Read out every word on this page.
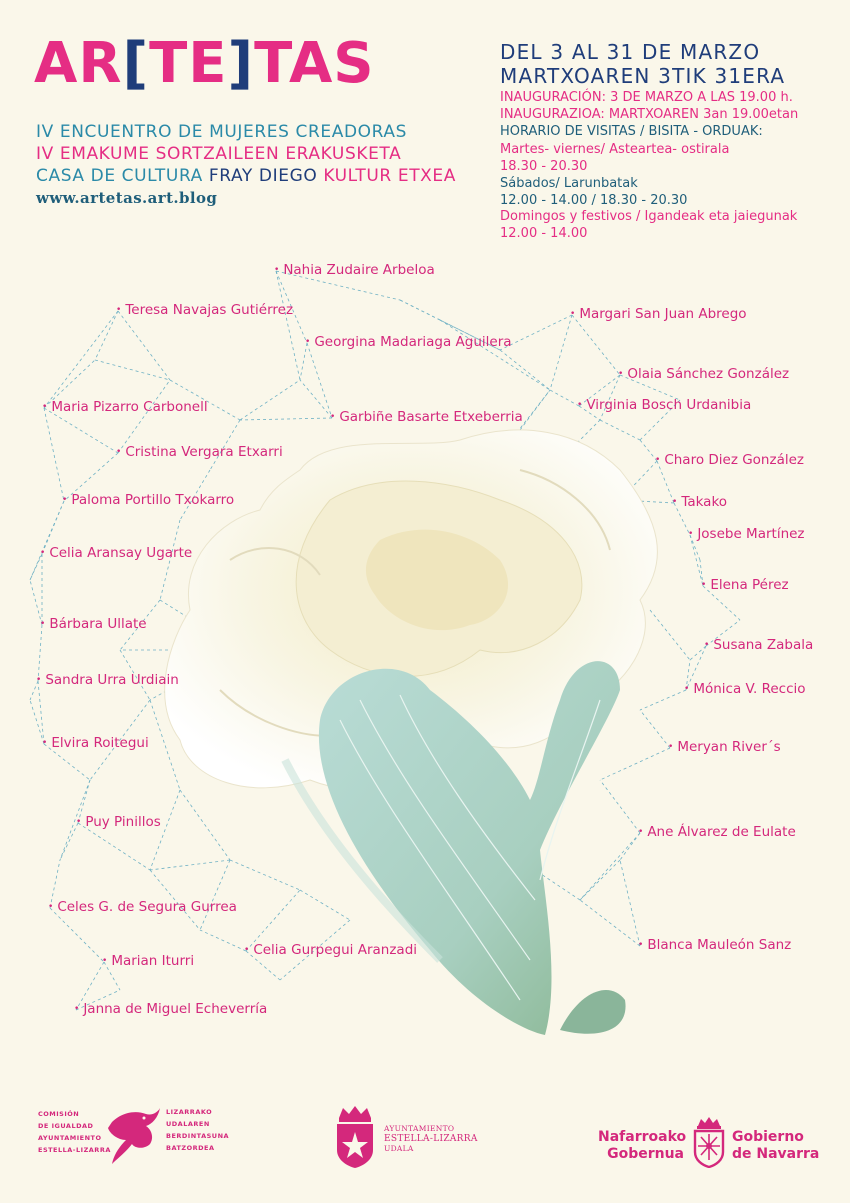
AR[TE]TAS
IV ENCUENTRO DE MUJERES CREADORAS
IV EMAKUME SORTZAILEEN ERAKUSKETA
CASA DE CULTURA FRAY DIEGO KULTUR ETXEA
www.artetas.art.blog
DEL 3 AL 31 DE MARZO
MARTXOAREN 3TIK 31ERA
INAUGURACIÓN: 3 DE MARZO A LAS 19.00 h.
INAUGURAZIOA: MARTXOAREN 3an 19.00etan
HORARIO DE VISITAS / BISITA - ORDUAK:
Martes- viernes/ Asteartea- ostirala
18.30 - 20.30
Sábados/ Larunbatak
12.00 - 14.00 / 18.30 - 20.30
Domingos y festivos / Igandeak eta jaiegunak
12.00 - 14.00
• Nahia Zudaire Arbeloa
• Teresa Navajas Gutiérrez	• Margari San Juan Abrego
• Georgina Madariaga Aguilera
• Olaia Sánchez González
• Maria Pizarro Carbonell
• Garbiñe Basarte Etxeberria
• Virginia Bosch Urdanibia
• Cristina Vergara Etxarri	• Charo Diez González
• Paloma Portillo Txokarro	• Takako
• Josebe Martínez
• Celia Aransay Ugarte
• Elena Pérez
• Bárbara Ullate
• Susana Zabala
• Sandra Urra Urdiain
• Mónica V. Reccio
• Elvira Roitegui	• Meryan River´s
• Puy Pinillos
• Ane Álvarez de Eulate
• Celes G. de Segura Gurrea
• Blanca Mauleón Sanz
• Marian Iturri
• Celia Gurpegui Aranzadi
• Janna de Miguel Echeverría
COMISIÓN
DE IGUALDAD
AYUNTAMIENTO
ESTELLA-LIZARRA
LIZARRAKO
UDALAREN
BERDINTASUNA
BATZORDEA
AYUNTAMIENTO
ESTELLA-LIZARRA
UDALA
Nafarroako
Gobernua
Gobierno
de Navarra
